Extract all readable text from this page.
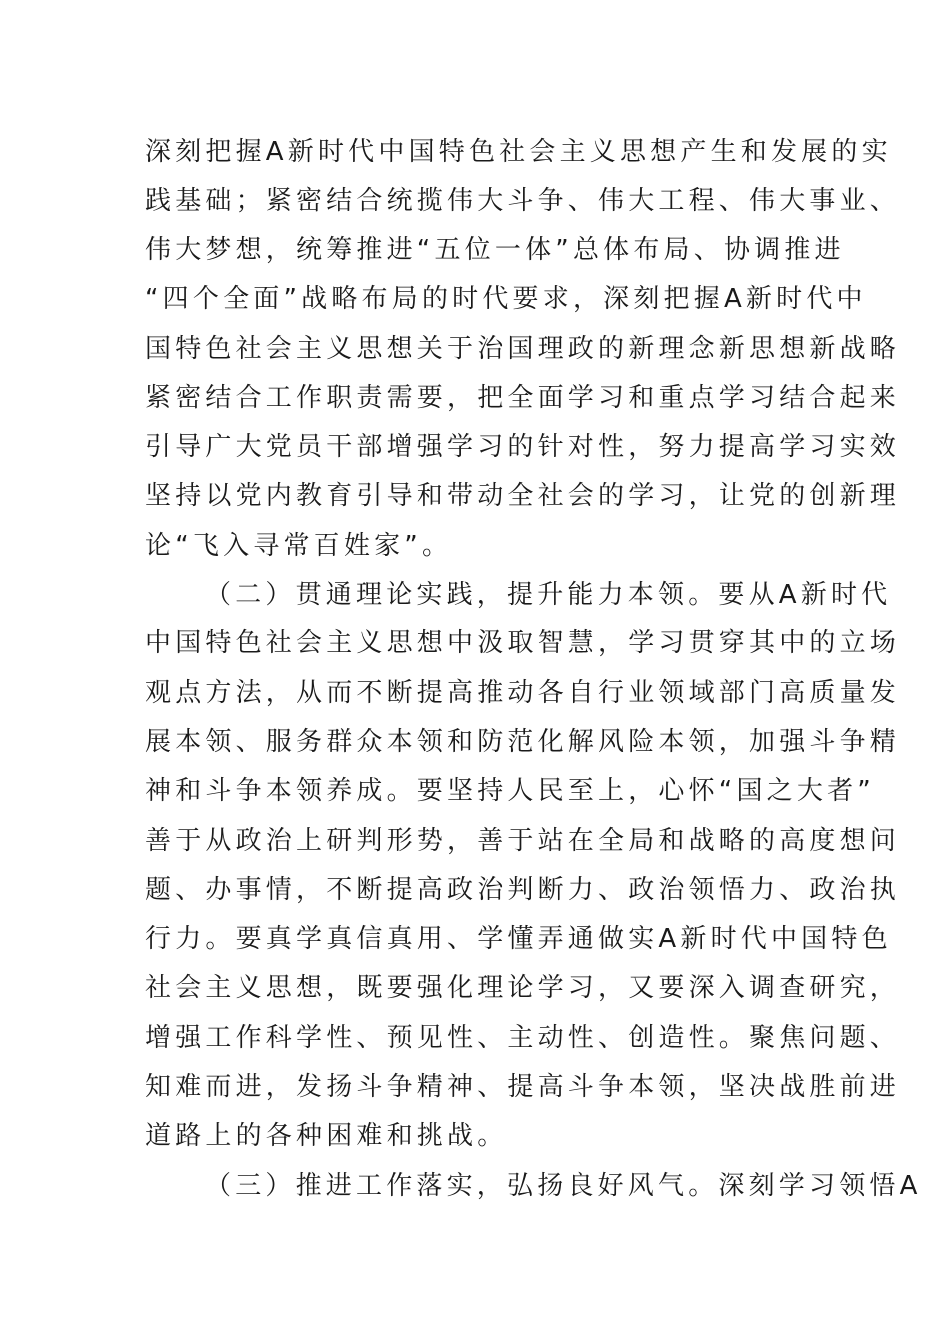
深刻把握A新时代中国特色社会主义思想产生和发展的实
践基础；紧密结合统揽伟大斗争、伟大工程、伟大事业、
伟大梦想，统筹推进“五位一体”总体布局、协调推进
“四个全面”战略布局的时代要求，深刻把握A新时代中
国特色社会主义思想关于治国理政的新理念新思想新战略
紧密结合工作职责需要，把全面学习和重点学习结合起来
引导广大党员干部增强学习的针对性，努力提高学习实效
坚持以党内教育引导和带动全社会的学习，让党的创新理
论“飞入寻常百姓家”。
（二）贯通理论实践，提升能力本领。要从A新时代
中国特色社会主义思想中汲取智慧，学习贯穿其中的立场
观点方法，从而不断提高推动各自行业领域部门高质量发
展本领、服务群众本领和防范化解风险本领，加强斗争精
神和斗争本领养成。要坚持人民至上，心怀“国之大者”
善于从政治上研判形势，善于站在全局和战略的高度想问
题、办事情，不断提高政治判断力、政治领悟力、政治执
行力。要真学真信真用、学懂弄通做实A新时代中国特色
社会主义思想，既要强化理论学习，又要深入调查研究，
增强工作科学性、预见性、主动性、创造性。聚焦问题、
知难而进，发扬斗争精神、提高斗争本领，坚决战胜前进
道路上的各种困难和挑战。
（三）推进工作落实，弘扬良好风气。深刻学习领悟A
